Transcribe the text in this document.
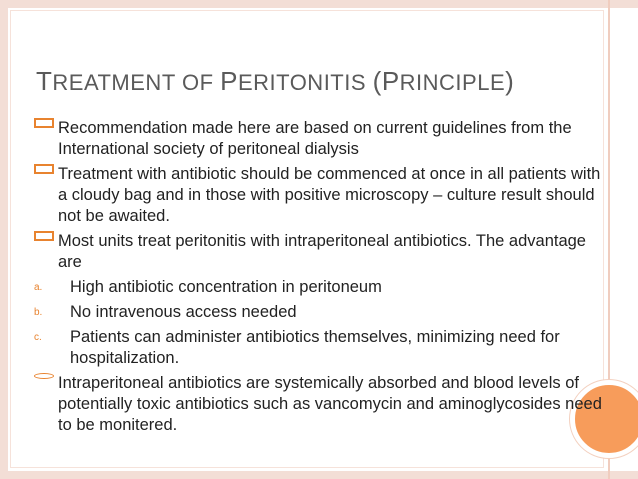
TREATMENT OF PERITONITIS (PRINCIPLE)
Recommendation made here are based on current guidelines from the International society of peritoneal dialysis
Treatment with antibiotic should be commenced at once in all patients with a cloudy bag and in those with positive microscopy – culture result should not be awaited.
Most units treat peritonitis with intraperitoneal antibiotics. The advantage are
a.	High antibiotic concentration in peritoneum
b.	No intravenous access needed
c.	Patients can administer antibiotics themselves, minimizing need for hospitalization.
Intraperitoneal antibiotics are systemically absorbed and blood levels of potentially toxic antibiotics such as vancomycin and aminoglycosides need to be monitered.
